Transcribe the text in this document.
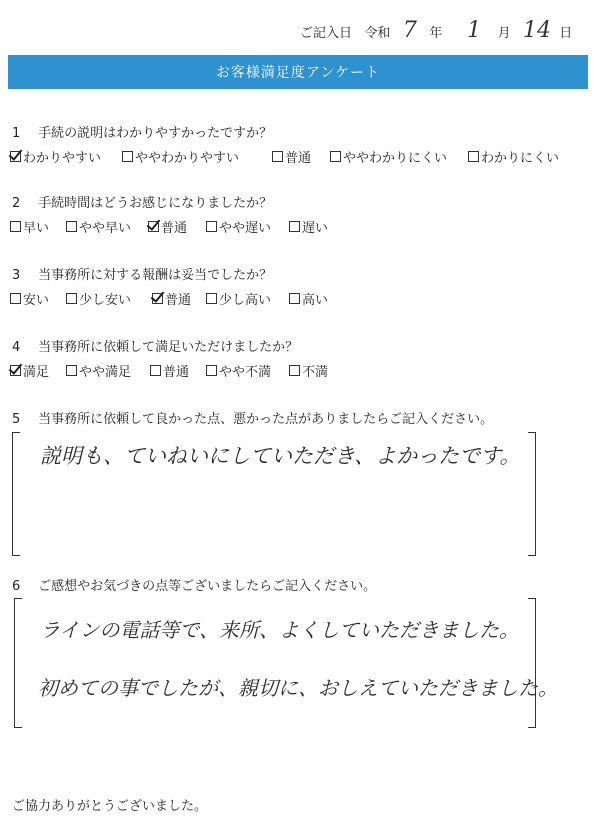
ご記入日 令和 7 年 1 月 14 日
お客様満足度アンケート
1 手続の説明はわかりやすかったですか？
わかりやすい	ややわかりやすい	普通 ややわかりにくい	わかりにくい
2 手続時間はどうお感じになりましたか？
早い やや早い 普通 やや遅い 遅い
3 当事務所に対する報酬は妥当でしたか？
安い 少し安い	普通 少し高い 高い
4 当事務所に依頼して満足いただけましたか？
満足 やや満足 普通 やや不満 不満
5 当事務所に依頼して良かった点、悪かった点がありましたらご記入ください。
説明も、ていねいにしていただき、よかったです。
6 ご感想やお気づきの点等ございましたらご記入ください。
ラインの電話等で、来所、よくしていただきました。
初めての事でしたが、親切に、おしえていただきました。
ご協力ありがとうございました。
